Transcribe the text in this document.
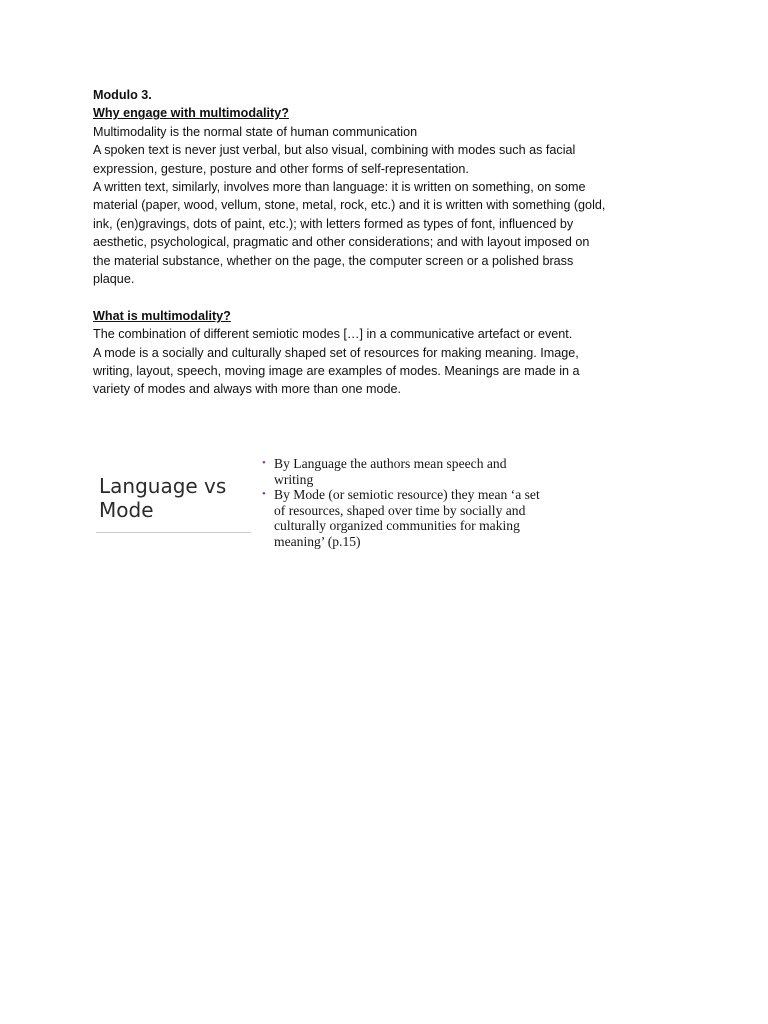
Modulo 3.

Why engage with multimodality?

Multimodality is the normal state of human communication

A spoken text is never just verbal, but also visual, combining with modes such as facial

expression, gesture, posture and other forms of self-representation.

A written text, similarly, involves more than language: it is written on something, on some

material (paper, wood, vellum, stone, metal, rock, etc.) and it is written with something (gold,

ink, (en)gravings, dots of paint, etc.); with letters formed as types of font, influenced by

aesthetic, psychological, pragmatic and other considerations; and with layout imposed on

the material substance, whether on the page, the computer screen or a polished brass

plaque.

What is multimodality?

The combination of different semiotic modes […] in a communicative artefact or event.

A mode is a socially and culturally shaped set of resources for making meaning. Image,

writing, layout, speech, moving image are examples of modes. Meanings are made in a

variety of modes and always with more than one mode.

Language vs
Mode
• By Language the authors mean speech and
writing
• By Mode (or semiotic resource) they mean ‘a set
of resources, shaped over time by socially and
culturally organized communities for making
meaning’ (p.15)
